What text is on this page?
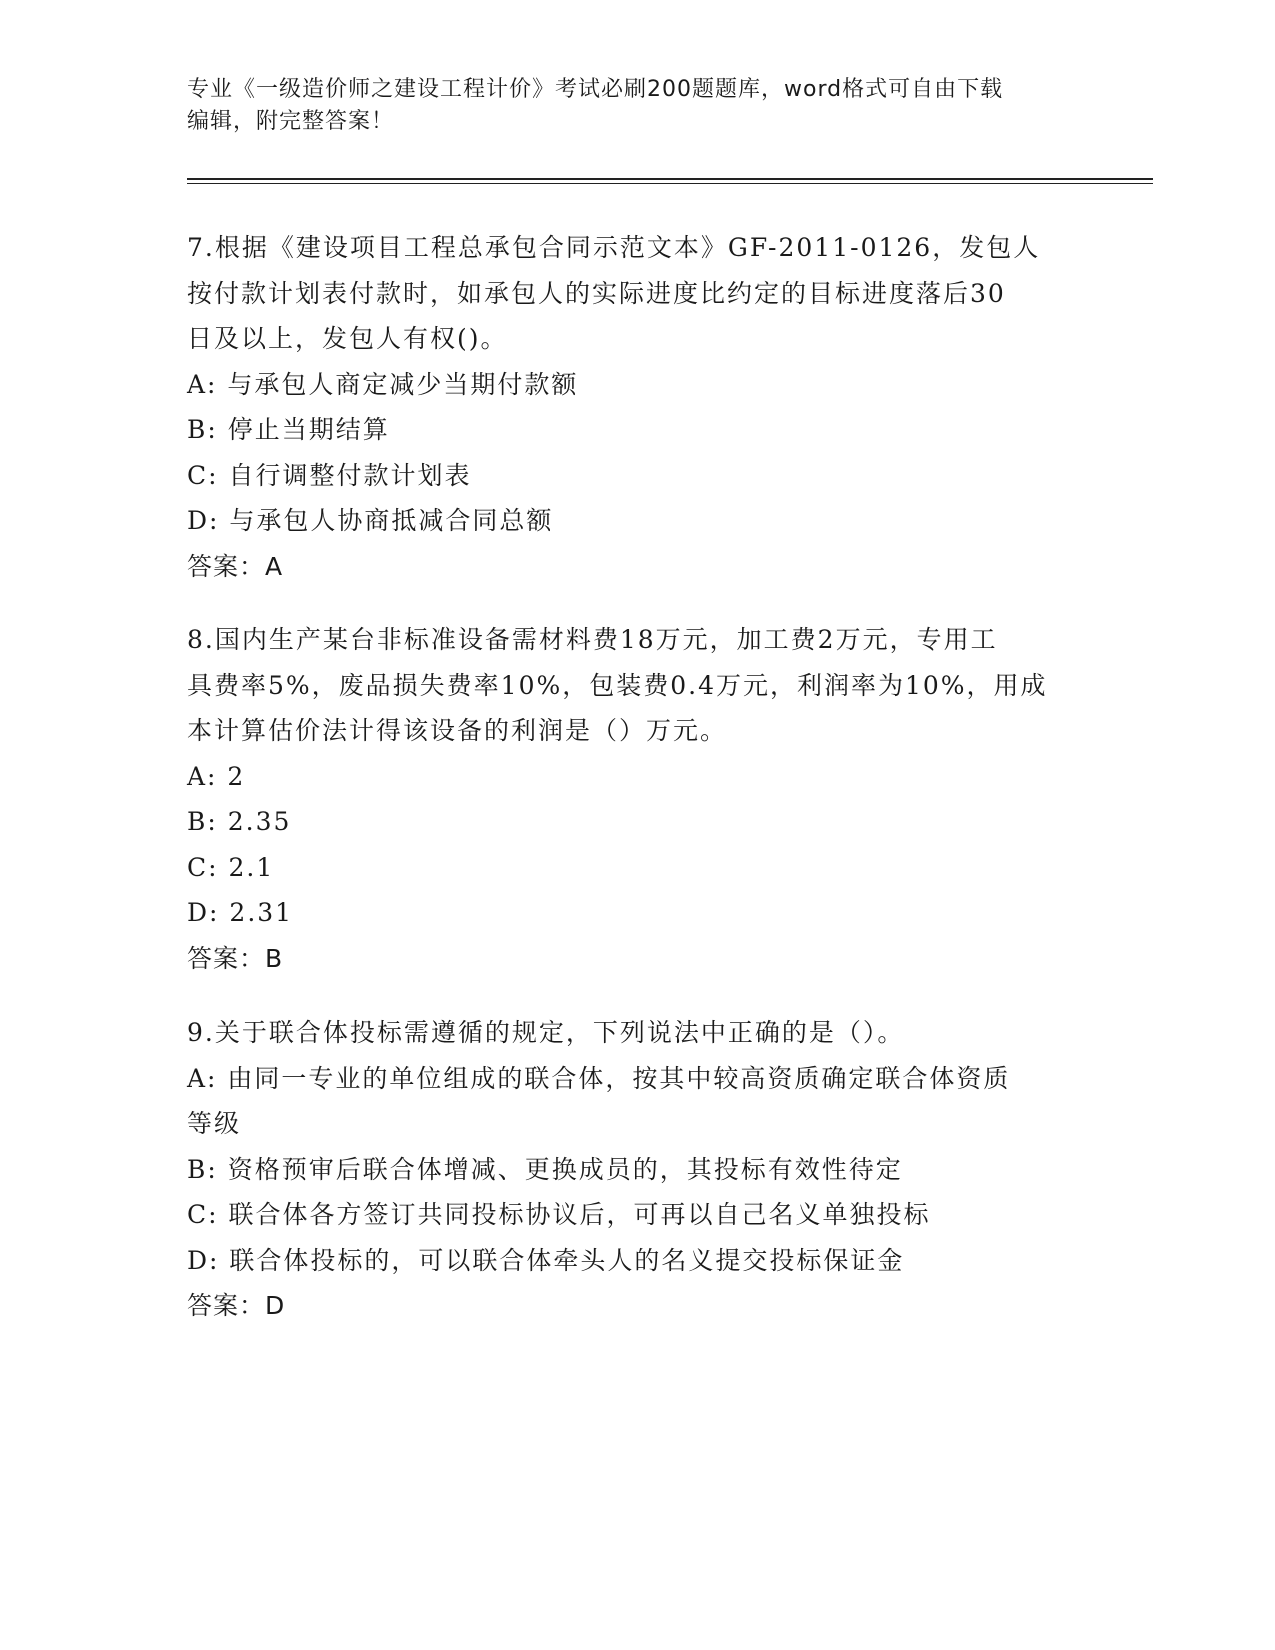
专业《一级造价师之建设工程计价》考试必刷200题题库，word格式可自由下载
编辑，附完整答案！
7.根据《建设项目工程总承包合同示范文本》GF-2011-0126，发包人
按付款计划表付款时，如承包人的实际进度比约定的目标进度落后30
日及以上，发包人有权()。
A: 与承包人商定减少当期付款额
B: 停止当期结算
C: 自行调整付款计划表
D: 与承包人协商抵减合同总额
答案：A
8.国内生产某台非标准设备需材料费18万元，加工费2万元，专用工
具费率5%，废品损失费率10%，包装费0.4万元，利润率为10%，用成
本计算估价法计得该设备的利润是（）万元。
A: 2
B: 2.35
C: 2.1
D: 2.31
答案：B
9.关于联合体投标需遵循的规定，下列说法中正确的是（）。
A: 由同一专业的单位组成的联合体，按其中较高资质确定联合体资质
等级
B: 资格预审后联合体增减、更换成员的，其投标有效性待定
C: 联合体各方签订共同投标协议后，可再以自己名义单独投标
D: 联合体投标的，可以联合体牵头人的名义提交投标保证金
答案：D
